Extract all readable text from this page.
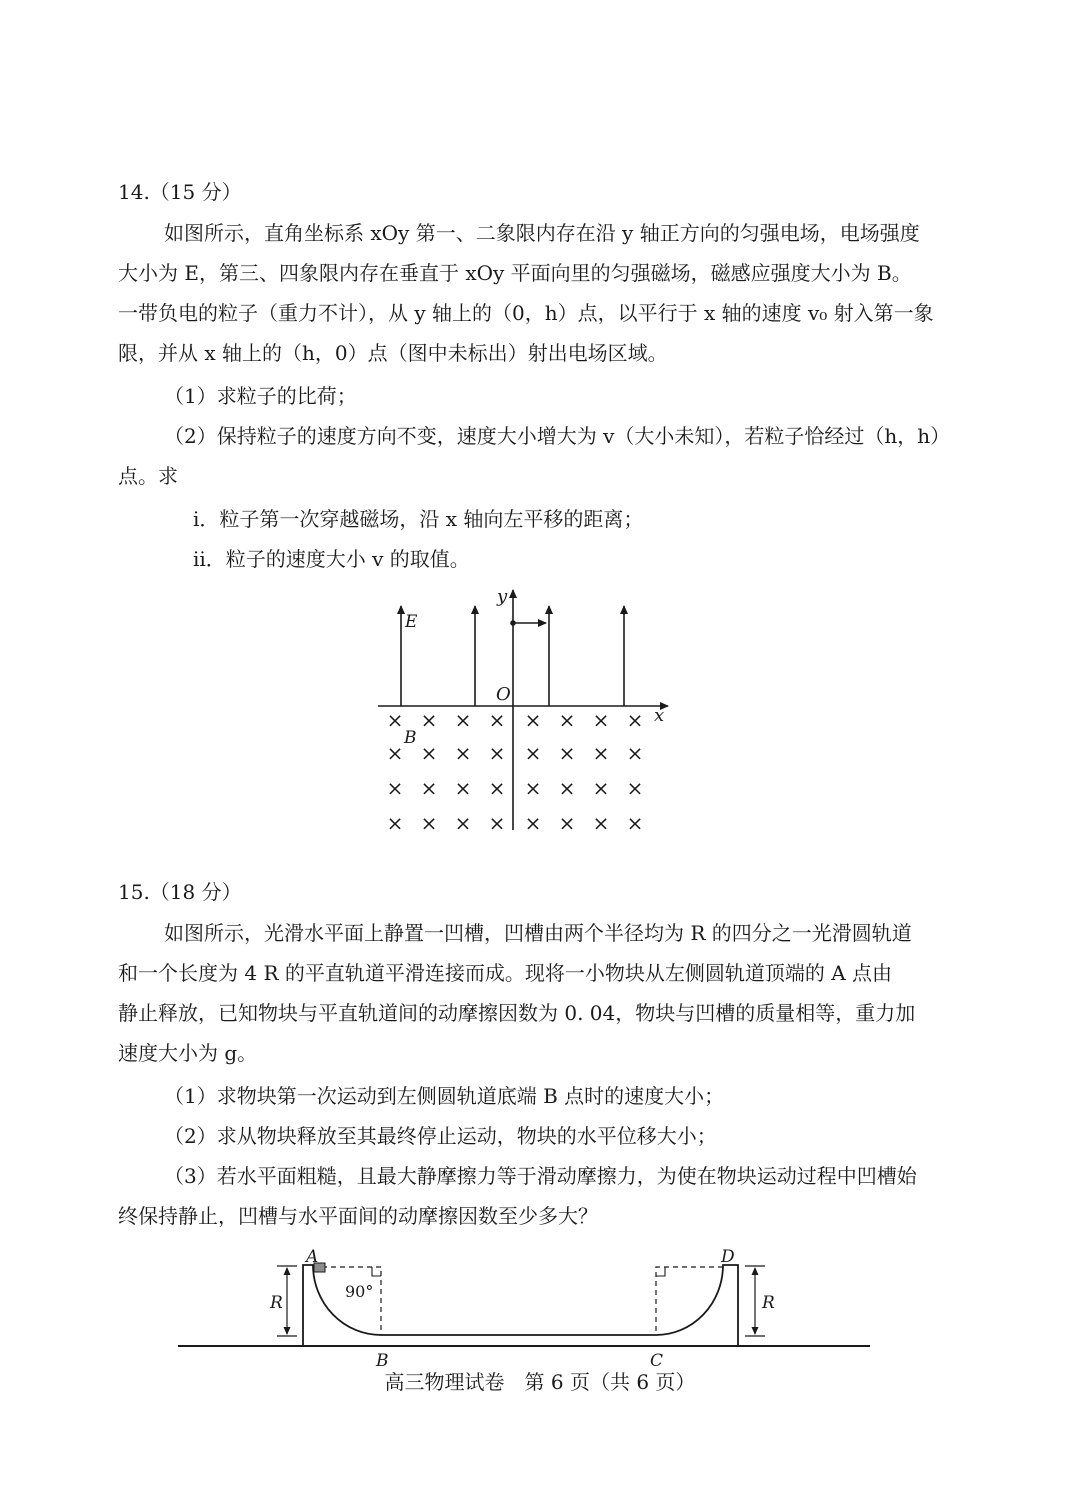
14.（15 分）
如图所示，直角坐标系 xOy 第一、二象限内存在沿 y 轴正方向的匀强电场，电场强度
大小为 E，第三、四象限内存在垂直于 xOy 平面向里的匀强磁场，磁感应强度大小为 B。
一带负电的粒子（重力不计），从 y 轴上的（0，h）点，以平行于 x 轴的速度 v₀ 射入第一象
限，并从 x 轴上的（h，0）点（图中未标出）射出电场区域。
（1）求粒子的比荷；
（2）保持粒子的速度方向不变，速度大小增大为 v（大小未知），若粒子恰经过（h，h）
点。求
ⅰ．粒子第一次穿越磁场，沿 x 轴向左平移的距离；
ⅱ．粒子的速度大小 v 的取值。
y
x
O
E
× × × × × × × ×
× × × × × × × ×
× × × × × × × ×
× × × × × × × ×
B
15.（18 分）
如图所示，光滑水平面上静置一凹槽，凹槽由两个半径均为 R 的四分之一光滑圆轨道
和一个长度为 4 R 的平直轨道平滑连接而成。现将一小物块从左侧圆轨道顶端的 A 点由
静止释放，已知物块与平直轨道间的动摩擦因数为 0. 04，物块与凹槽的质量相等，重力加
速度大小为 g。
（1）求物块第一次运动到左侧圆轨道底端 B 点时的速度大小；
（2）求从物块释放至其最终停止运动，物块的水平位移大小；
（3）若水平面粗糙，且最大静摩擦力等于滑动摩擦力，为使在物块运动过程中凹槽始
终保持静止，凹槽与水平面间的动摩擦因数至少多大？
90°
A	D
B	C
R	R
高三物理试卷　第 6 页（共 6 页）
